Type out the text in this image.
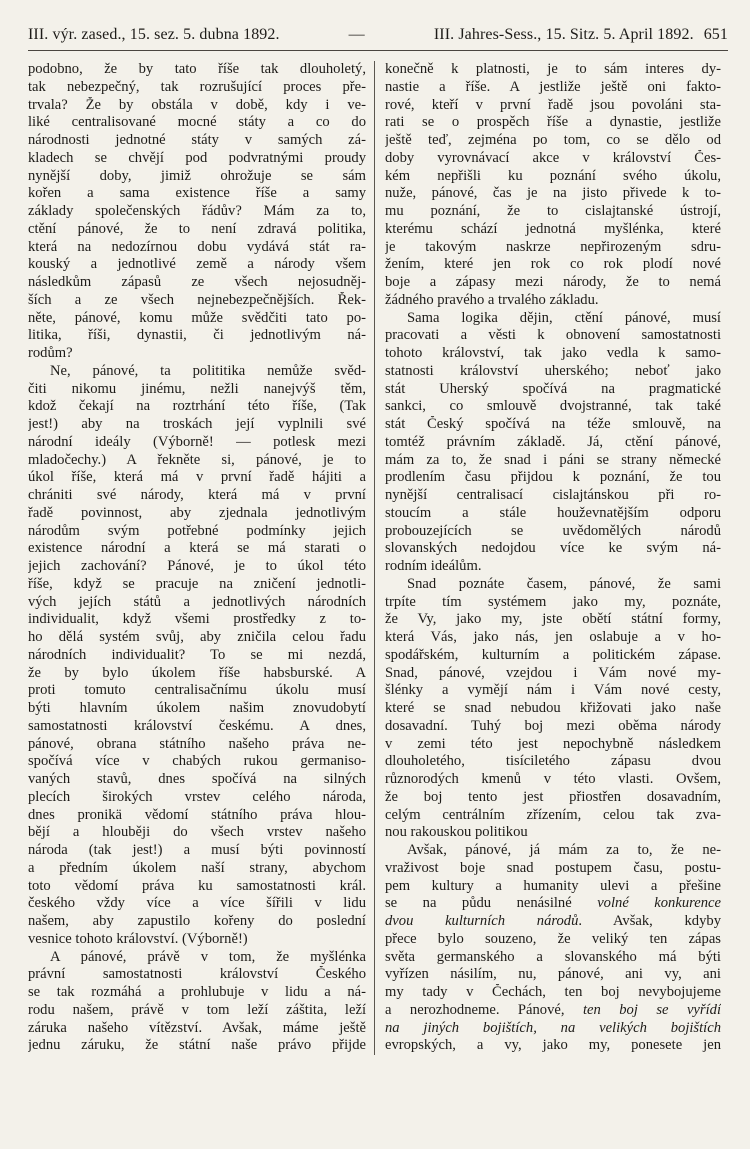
III. výr. zased., 15. sez. 5. dubna 1892.	—	III. Jahres-Sess., 15. Sitz. 5. April 1892. 651
podobno, že by tato říše tak dlouholetý,
tak nebezpečný, tak rozrušující proces pře-
trvala? Že by obstála v době, kdy i ve-
liké centralisované mocné státy a co do
národnosti jednotné státy v samých zá-
kladech se chvějí pod podvratnými proudy
nynější doby, jimiž ohrožuje se sám
kořen a sama existence říše a samy
základy společenských řádův? Mám za to,
ctění pánové, že to není zdravá politika,
která na nedozírnou dobu vydává stát ra-
kouský a jednotlivé země a národy všem
následkům zápasů ze všech nejosudněj-
ších a ze všech nejnebezpečnějších. Řek-
něte, pánové, komu může svědčiti tato po-
litika, říši, dynastii, či jednotlivým ná-
rodům?
Ne, pánové, ta polititika nemůže svěd-
čiti nikomu jinému, nežli nanejvýš těm,
kdož čekají na roztrhání této říše, (Tak
jest!) aby na troskách její vyplnili své
národní ideály (Výborně! — potlesk mezi
mladočechy.) A řekněte si, pánové, je to
úkol říše, která má v první řadě hájiti a
chrániti své národy, která má v první
řadě povinnost, aby zjednala jednotlivým
národům svým potřebné podmínky jejich
existence národní a která se má starati o
jejich zachování? Pánové, je to úkol této
říše, když se pracuje na zničení jednotli-
vých jejích států a jednotlivých národních
individualit, když všemi prostředky z to-
ho dělá systém svůj, aby zničila celou řadu
národních individualit? To se mi nezdá,
že by bylo úkolem říše habsburské. A
proti tomuto centralisačnímu úkolu musí
býti hlavním úkolem našim znovudobytí
samostatnosti království českému. A dnes,
pánové, obrana státního našeho práva ne-
spočívá více v chabých rukou germaniso-
vaných stavů, dnes spočívá na silných
plecích širokých vrstev celého národa,
dnes pronikä vědomí státního práva hlou-
bějí a hlouběji do všech vrstev našeho
národa (tak jest!) a musí býti povinností
a předním úkolem naší strany, abychom
toto vědomí práva ku samostatnosti král.
českého vždy více a více šířili v lidu
našem, aby zapustilo kořeny do poslední
vesnice tohoto království. (Výborně!)
A pánové, právě v tom, že myšlénka
právní samostatnosti království Českého
se tak rozmáhá a prohlubuje v lidu a ná-
rodu našem, právě v tom leží záštita, leží
záruka našeho vítězství. Avšak, máme ještě
jednu záruku, že státní naše právo přijde
konečně k platnosti, je to sám interes dy-
nastie a říše. A jestliže ještě oni fakto-
rové, kteří v první řadě jsou povoláni sta-
rati se o prospěch říše a dynastie, jestliže
ještě teď, zejména po tom, co se dělo od
doby vyrovnávací akce v království Čes-
kém nepřišli ku poznání svého úkolu,
nuže, pánové, čas je na jisto přivede k to-
mu poznání, že to cislajtanské ústrojí,
kterému schází jednotná myšlénka, které
je takovým naskrze nepřirozeným sdru-
žením, které jen rok co rok plodí nové
boje a zápasy mezi národy, že to nemá
žádného pravého a trvalého základu.
Sama logika dějin, ctění pánové, musí
pracovati a věsti k obnovení samostatnosti
tohoto království, tak jako vedla k samo-
statnosti království uherského; neboť jako
stát Uherský spočívá na pragmatické
sankci, co smlouvě dvojstranné, tak také
stát Český spočívá na téže smlouvě, na
tomtéž právním základě. Já, ctění pánové,
mám za to, že snad i páni se strany německé
prodlením času přijdou k poznání, že tou
nynější centralisací cislajtánskou při ro-
stoucím a stále houževnatějším odporu
probouzejících se uvědomělých národů
slovanských nedojdou více ke svým ná-
rodním ideálům.
Snad poznáte časem, pánové, že sami
trpíte tím systémem jako my, poznáte,
že Vy, jako my, jste obětí státní formy,
která Vás, jako nás, jen oslabuje a v ho-
spodářském, kulturním a politickém zápase.
Snad, pánové, vzejdou i Vám nové my-
šlénky a vymějí nám i Vám nové cesty,
které se snad nebudou křižovati jako naše
dosavadní. Tuhý boj mezi oběma národy
v zemi této jest nepochybně následkem
dlouholetého, tisíciletého zápasu dvou
různorodých kmenů v této vlasti. Ovšem,
že boj tento jest přiostřen dosavadním,
celým centrálním zřízením, celou tak zva-
nou rakouskou politikou
Avšak, pánové, já mám za to, že ne-
vraživost boje snad postupem času, postu-
pem kultury a humanity ulevi a přešine
se na půdu nenásilné volné konkurence
dvou kulturních národů. Avšak, kdyby
přece bylo souzeno, že veliký ten zápas
světa germanského a slovanského má býti
vyřízen násilím, nu, pánové, ani vy, ani
my tady v Čechách, ten boj nevybojujeme
a nerozhodneme. Pánové, ten boj se vyřídí
na jiných bojištích, na velikých bojištích
evropských, a vy, jako my, ponesete jen
